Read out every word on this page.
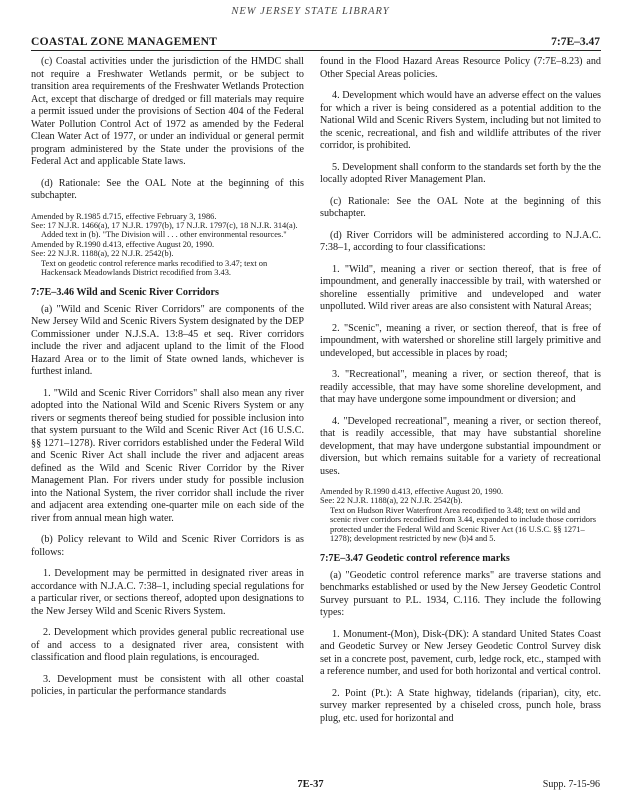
NEW JERSEY STATE LIBRARY
COASTAL ZONE MANAGEMENT	7:7E–3.47

(c) Coastal activities under the jurisdiction of the HMDC shall not require a Freshwater Wetlands permit, or be subject to transition area requirements of the Freshwater Wetlands Protection Act, except that discharge of dredged or fill materials may require a permit issued under the provisions of Section 404 of the Federal Water Pollution Control Act of 1972 as amended by the Federal Clean Water Act of 1977, or under an individual or general permit program administered by the State under the provisions of the Federal Act and applicable State laws.

(d) Rationale: See the OAL Note at the beginning of this subchapter.

Amended by R.1985 d.715, effective February 3, 1986.

See: 17 N.J.R. 1466(a), 17 N.J.R. 1797(b), 17 N.J.R. 1797(c), 18 N.J.R. 314(a).

Added text in (b). "The Division will . . . other environmental resources."

Amended by R.1990 d.413, effective August 20, 1990.

See: 22 N.J.R. 1188(a), 22 N.J.R. 2542(b).

Text on geodetic control reference marks recodified to 3.47; text on Hackensack Meadowlands District recodified from 3.43.

7:7E–3.46 Wild and Scenic River Corridors

(a) "Wild and Scenic River Corridors" are components of the New Jersey Wild and Scenic Rivers System designated by the DEP Commissioner under N.J.S.A. 13:8–45 et seq. River corridors include the river and adjacent upland to the limit of the Flood Hazard Area or to the limit of State owned lands, whichever is furthest inland.

1. "Wild and Scenic River Corridors" shall also mean any river adopted into the National Wild and Scenic Rivers System or any rivers or segments thereof being studied for possible inclusion into that system pursuant to the Wild and Scenic River Act (16 U.S.C. §§ 1271–1278). River corridors established under the Federal Wild and Scenic River Act shall include the river and adjacent areas defined as the Wild and Scenic River Corridor by the River Management Plan. For rivers under study for possible inclusion into the National System, the river corridor shall include the river and adjacent area extending one-quarter mile on each side of the river from annual mean high water.

(b) Policy relevant to Wild and Scenic River Corridors is as follows:

1. Development may be permitted in designated river areas in accordance with N.J.A.C. 7:38–1, including special regulations for a particular river, or sections thereof, adopted upon designations to the New Jersey Wild and Scenic Rivers System.

2. Development which provides general public recreational use of and access to a designated river area, consistent with classification and flood plain regulations, is encouraged.

3. Development must be consistent with all other coastal policies, in particular the performance standards

found in the Flood Hazard Areas Resource Policy (7:7E–8.23) and Other Special Areas policies.

4. Development which would have an adverse effect on the values for which a river is being considered as a potential addition to the National Wild and Scenic Rivers System, including but not limited to the scenic, recreational, and fish and wildlife attributes of the river corridor, is prohibited.

5. Development shall conform to the standards set forth by the the locally adopted River Management Plan.

(c) Rationale: See the OAL Note at the beginning of this subchapter.

(d) River Corridors will be administered according to N.J.A.C. 7:38–1, according to four classifications:

1. "Wild", meaning a river or section thereof, that is free of impoundment, and generally inaccessible by trail, with watershed or shoreline essentially primitive and undeveloped and water unpolluted. Wild river areas are also consistent with Natural Areas;

2. "Scenic", meaning a river, or section thereof, that is free of impoundment, with watershed or shoreline still largely primitive and undeveloped, but accessible in places by road;

3. "Recreational", meaning a river, or section thereof, that is readily accessible, that may have some shoreline development, and that may have undergone some impoundment or diversion; and

4. "Developed recreational", meaning a river, or section thereof, that is readily accessible, that may have substantial shoreline development, that may have undergone substantial impoundment or diversion, but which remains suitable for a variety of recreational uses.

Amended by R.1990 d.413, effective August 20, 1990.

See: 22 N.J.R. 1188(a), 22 N.J.R. 2542(b).

Text on Hudson River Waterfront Area recodified to 3.48; text on wild and scenic river corridors recodified from 3.44, expanded to include those corridors protected under the Federal Wild and Scenic River Act (16 U.S.C. §§ 1271–1278); development restricted by new (b)4 and 5.

7:7E–3.47 Geodetic control reference marks

(a) "Geodetic control reference marks" are traverse stations and benchmarks established or used by the New Jersey Geodetic Control Survey pursuant to P.L. 1934, C.116. They include the following types:

1. Monument-(Mon), Disk-(DK): A standard United States Coast and Geodetic Survey or New Jersey Geodetic Control Survey disk set in a concrete post, pavement, curb, ledge rock, etc., stamped with a reference number, and used for both horizontal and vertical control.

2. Point (Pt.): A State highway, tidelands (riparian), city, etc. survey marker represented by a chiseled cross, punch hole, brass plug, etc. used for horizontal and

7E-37	Supp. 7-15-96
